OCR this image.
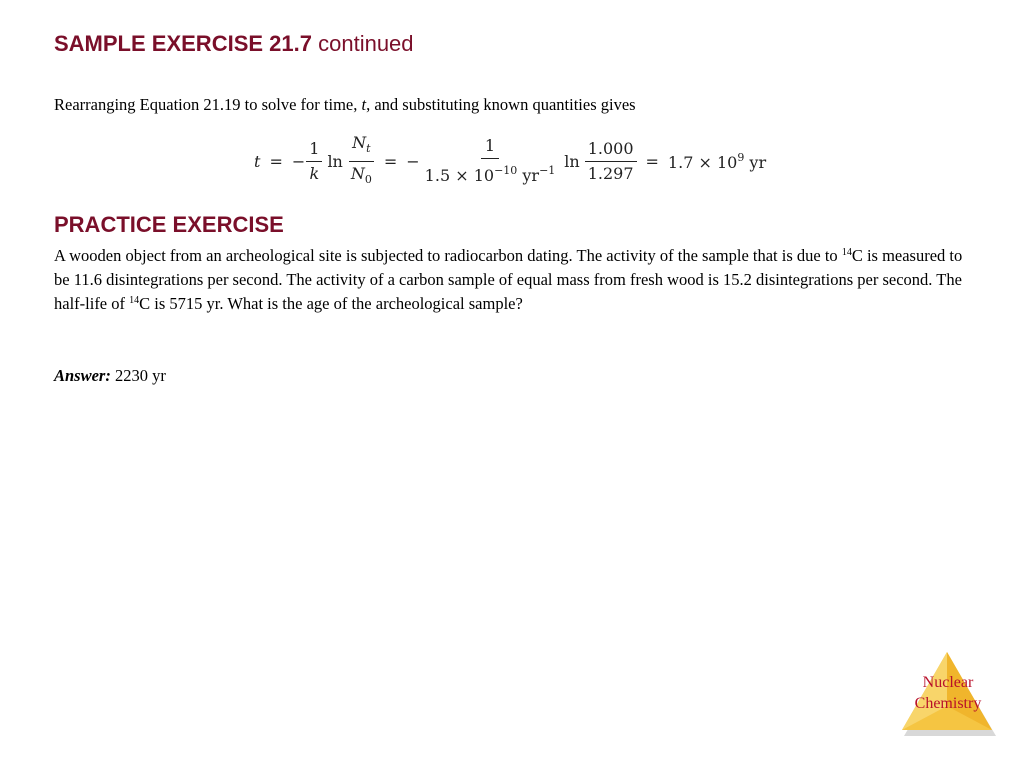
SAMPLE EXERCISE 21.7 continued

Rearranging Equation 21.19 to solve for time, t, and substituting known quantities gives

t = − $\frac{1}{k}$ $\ln \frac{N_t}{N_0}$ = − $\frac{1}{1.5 \times 10^{-10} yr^{-1}}$ $\ln \frac{1.000}{1.297} = 1.7 \times 10^9$ yr
PRACTICE EXERCISE

A wooden object from an archeological site is subjected to radiocarbon dating. The activity of the sample that is due to $^{14}$C is measured to be 11.6 disintegrations per second. The activity of a carbon sample of equal mass from fresh wood is 15.2 disintegrations per second. The half-life of $^{14}$C is 5715 yr. What is the age of the archeological sample?

Answer: 2230 yr

Nuclear
Chemistry
